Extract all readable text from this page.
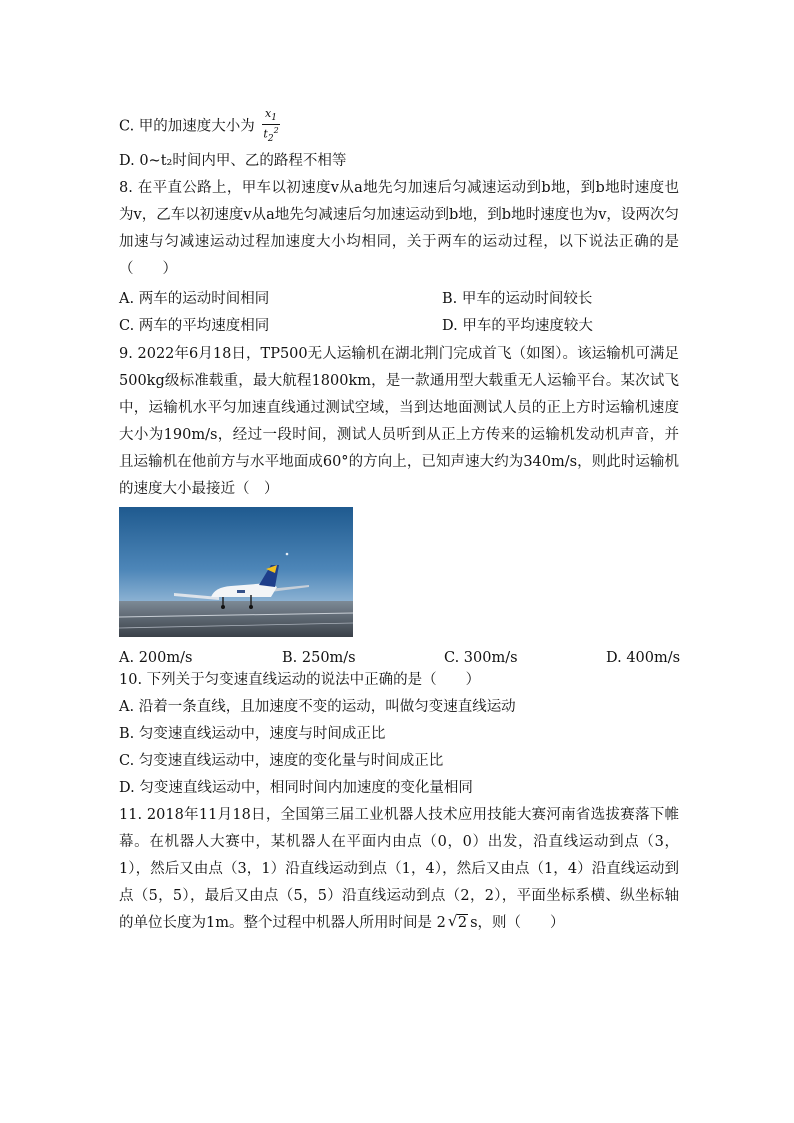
C. 甲的加速度大小为 $\frac{x_1}{t_2^2}$
D. 0~t₂时间内甲、乙的路程不相等
8. 在平直公路上，甲车以初速度v从a地先匀加速后匀减速运动到b地，到b地时速度也为v，乙车以初速度v从a地先匀减速后匀加速运动到b地，到b地时速度也为v，设两次匀加速与匀减速运动过程加速度大小均相同，关于两车的运动过程，以下说法正确的是（　　）
A. 两车的运动时间相同	B. 甲车的运动时间较长
C. 两车的平均速度相同	D. 甲车的平均速度较大
9. 2022年6月18日，TP500无人运输机在湖北荆门完成首飞（如图）。该运输机可满足500kg级标准载重，最大航程1800km，是一款通用型大载重无人运输平台。某次试飞中，运输机水平匀加速直线通过测试空域，当到达地面测试人员的正上方时运输机速度大小为190m/s，经过一段时间，测试人员听到从正上方传来的运输机发动机声音，并且运输机在他前方与水平地面成60°的方向上，已知声速大约为340m/s，则此时运输机的速度大小最接近（　）
A. 200m/s	B. 250m/s	C. 300m/s	D. 400m/s
10. 下列关于匀变速直线运动的说法中正确的是（　　）
A. 沿着一条直线，且加速度不变的运动，叫做匀变速直线运动
B. 匀变速直线运动中，速度与时间成正比
C. 匀变速直线运动中，速度的变化量与时间成正比
D. 匀变速直线运动中，相同时间内加速度的变化量相同
11. 2018年11月18日，全国第三届工业机器人技术应用技能大赛河南省选拔赛落下帷幕。在机器人大赛中，某机器人在平面内由点（0，0）出发，沿直线运动到点（3，1），然后又由点（3，1）沿直线运动到点（1，4），然后又由点（1，4）沿直线运动到点（5，5），最后又由点（5，5）沿直线运动到点（2，2），平面坐标系横、纵坐标轴的单位长度为1m。整个过程中机器人所用时间是 2 √ 2 s，则（　　）
